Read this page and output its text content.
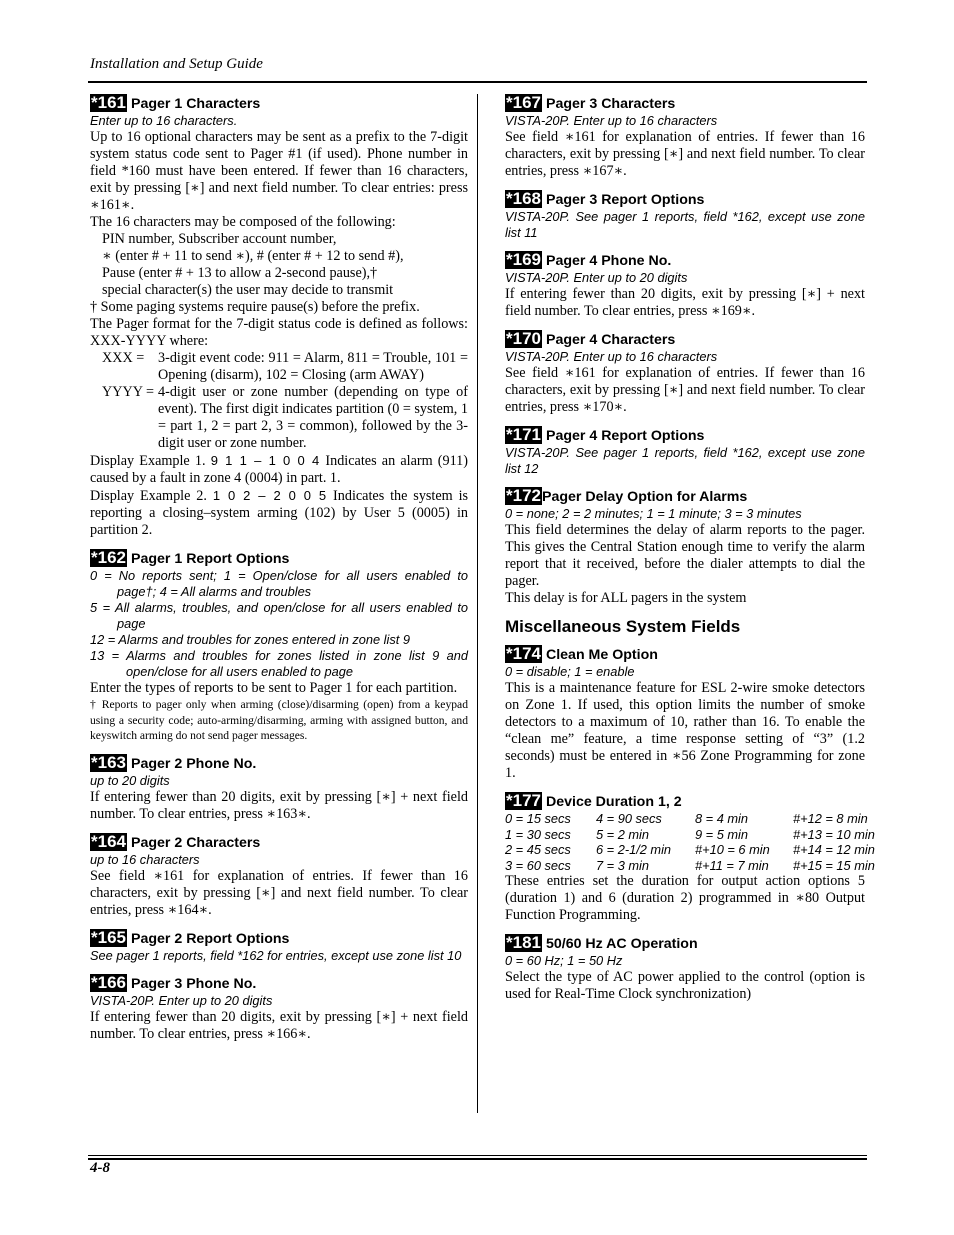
Installation and Setup Guide
*161 Pager 1 Characters
Enter up to 16 characters.
Up to 16 optional characters may be sent as a prefix to the 7-digit system status code sent to Pager #1 (if used). Phone number in field *160 must have been entered. If fewer than 16 characters, exit by pressing [∗] and next field number. To clear entries: press ∗161∗.
The 16 characters may be composed of the following:
PIN number, Subscriber account number,
∗ (enter # + 11 to send ∗), # (enter # + 12 to send #),
Pause (enter # + 13 to allow a 2-second pause),†
special character(s) the user may decide to transmit
† Some paging systems require pause(s) before the prefix.
The Pager format for the 7-digit status code is defined as follows: XXX-YYYY where:
XXX = 3-digit event code: 911 = Alarm, 811 = Trouble, 101 = Opening (disarm), 102 = Closing (arm AWAY)
YYYY = 4-digit user or zone number (depending on type of event). The first digit indicates partition (0 = system, 1 = part 1, 2 = part 2, 3 = common), followed by the 3-digit user or zone number.
Display Example 1. 9 1 1 – 1 0 0 4 Indicates an alarm (911) caused by a fault in zone 4 (0004) in part. 1.
Display Example 2. 1 0 2 – 2 0 0 5 Indicates the system is reporting a closing–system arming (102) by User 5 (0005) in partition 2.
*162 Pager 1 Report Options
0 = No reports sent; 1 = Open/close for all users enabled to page†; 4 = All alarms and troubles
5 = All alarms, troubles, and open/close for all users enabled to page
12 = Alarms and troubles for zones entered in zone list 9
13 = Alarms and troubles for zones listed in zone list 9 and open/close for all users enabled to page
Enter the types of reports to be sent to Pager 1 for each partition.
† Reports to pager only when arming (close)/disarming (open) from a keypad using a security code; auto-arming/disarming, arming with assigned button, and keyswitch arming do not send pager messages.
*163 Pager 2 Phone No.
up to 20 digits
If entering fewer than 20 digits, exit by pressing [∗] + next field number. To clear entries, press ∗163∗.
*164 Pager 2 Characters
up to 16 characters
See field ∗161 for explanation of entries. If fewer than 16 characters, exit by pressing [∗] and next field number. To clear entries, press ∗164∗.
*165 Pager 2 Report Options
See pager 1 reports, field *162 for entries, except use zone list 10
*166 Pager 3 Phone No.
VISTA-20P. Enter up to 20 digits
If entering fewer than 20 digits, exit by pressing [∗] + next field number. To clear entries, press ∗166∗.
*167 Pager 3 Characters
VISTA-20P. Enter up to 16 characters
See field ∗161 for explanation of entries. If fewer than 16 characters, exit by pressing [∗] and next field number. To clear entries, press ∗167∗.
*168 Pager 3 Report Options
VISTA-20P. See pager 1 reports, field *162, except use zone list 11
*169 Pager 4 Phone No.
VISTA-20P. Enter up to 20 digits
If entering fewer than 20 digits, exit by pressing [∗] + next field number. To clear entries, press ∗169∗.
*170 Pager 4 Characters
VISTA-20P. Enter up to 16 characters
See field ∗161 for explanation of entries. If fewer than 16 characters, exit by pressing [∗] and next field number. To clear entries, press ∗170∗.
*171 Pager 4 Report Options
VISTA-20P. See pager 1 reports, field *162, except use zone list 12
*172Pager Delay Option for Alarms
0 = none; 2 = 2 minutes; 1 = 1 minute; 3 = 3 minutes
This field determines the delay of alarm reports to the pager. This gives the Central Station enough time to verify the alarm report that it received, before the dialer attempts to dial the pager.
This delay is for ALL pagers in the system
Miscellaneous System Fields
*174 Clean Me Option
0 = disable; 1 = enable
This is a maintenance feature for ESL 2-wire smoke detectors on Zone 1. If used, this option limits the number of smoke detectors to a maximum of 10, rather than 16. To enable the “clean me” feature, a time response setting of “3” (1.2 seconds) must be entered in ∗56 Zone Programming for zone 1.
*177 Device Duration 1, 2
0 = 15 secs	4 = 90 secs	8 = 4 min	#+12 = 8 min
1 = 30 secs	5 = 2 min	9 = 5 min	#+13 = 10 min
2 = 45 secs	6 = 2-1/2 min	#+10 = 6 min	#+14 = 12 min
3 = 60 secs	7 = 3 min	#+11 = 7 min	#+15 = 15 min
These entries set the duration for output action options 5 (duration 1) and 6 (duration 2) programmed in ∗80 Output Function Programming.
*181 50/60 Hz AC Operation
0 = 60 Hz; 1 = 50 Hz
Select the type of AC power applied to the control (option is used for Real-Time Clock synchronization)
4-8
